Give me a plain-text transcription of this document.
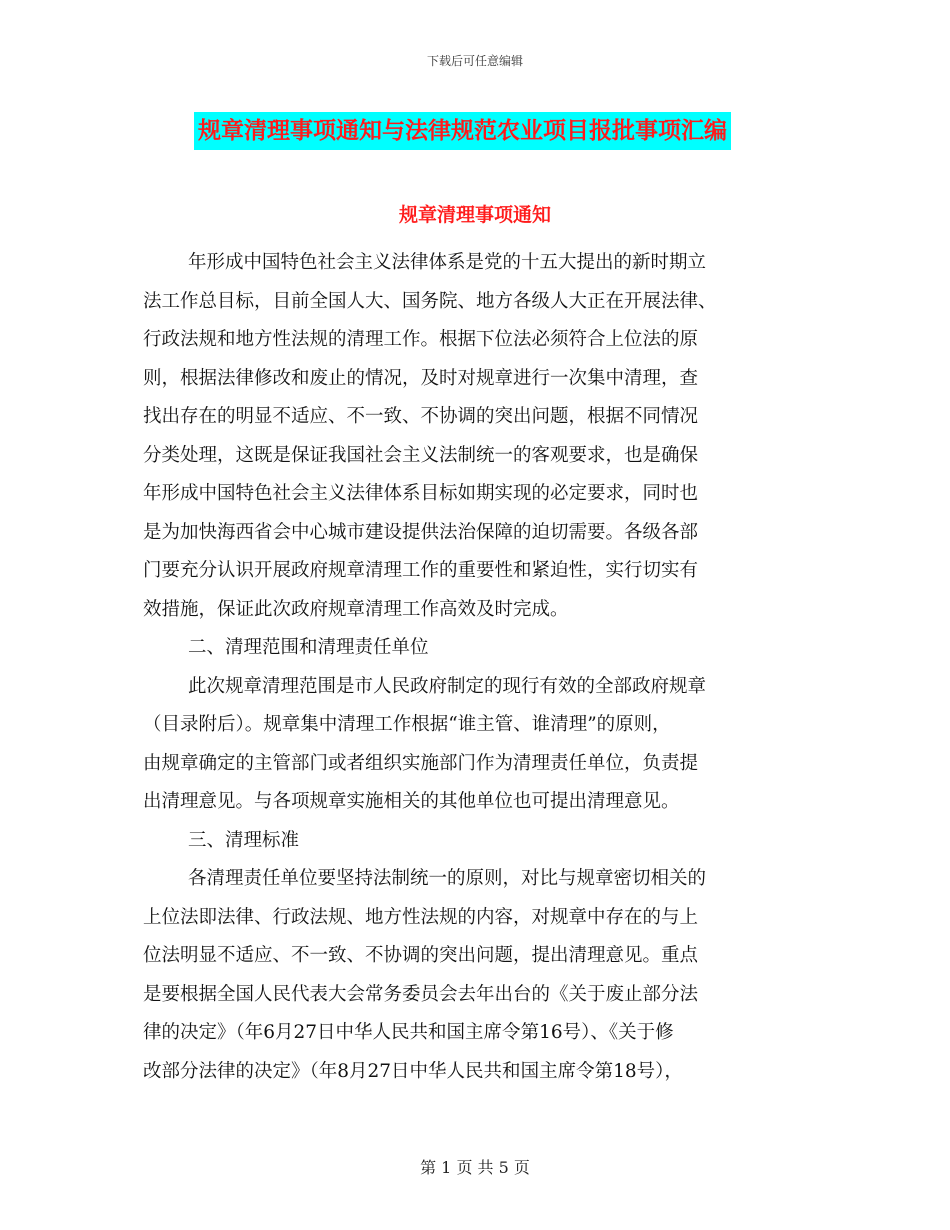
下载后可任意编辑
规章清理事项通知与法律规范农业项目报批事项汇编
规章清理事项通知
年形成中国特色社会主义法律体系是党的十五大提出的新时期立
法工作总目标，目前全国人大、国务院、地方各级人大正在开展法律、
行政法规和地方性法规的清理工作。根据下位法必须符合上位法的原
则，根据法律修改和废止的情况，及时对规章进行一次集中清理，查
找出存在的明显不适应、不一致、不协调的突出问题，根据不同情况
分类处理，这既是保证我国社会主义法制统一的客观要求，也是确保
年形成中国特色社会主义法律体系目标如期实现的必定要求，同时也
是为加快海西省会中心城市建设提供法治保障的迫切需要。各级各部
门要充分认识开展政府规章清理工作的重要性和紧迫性，实行切实有
效措施，保证此次政府规章清理工作高效及时完成。
二、清理范围和清理责任单位
此次规章清理范围是市人民政府制定的现行有效的全部政府规章
（目录附后）。规章集中清理工作根据“谁主管、谁清理”的原则，
由规章确定的主管部门或者组织实施部门作为清理责任单位，负责提
出清理意见。与各项规章实施相关的其他单位也可提出清理意见。
三、清理标准
各清理责任单位要坚持法制统一的原则，对比与规章密切相关的
上位法即法律、行政法规、地方性法规的内容，对规章中存在的与上
位法明显不适应、不一致、不协调的突出问题，提出清理意见。重点
是要根据全国人民代表大会常务委员会去年出台的《关于废止部分法
律的决定》（年6月27日中华人民共和国主席令第16号）、《关于修
改部分法律的决定》（年8月27日中华人民共和国主席令第18号），
第 1 页 共 5 页
